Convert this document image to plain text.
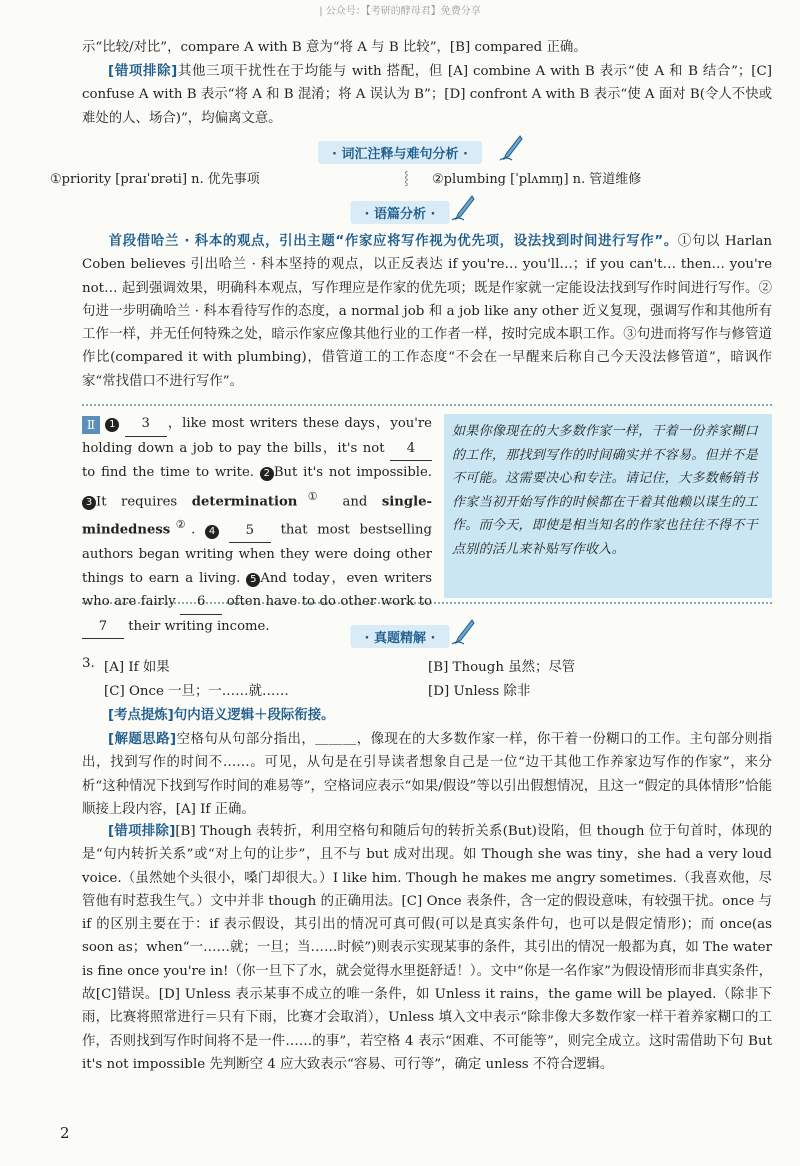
| 公众号：【考研的酵母君】免费分享
示“比较/对比”，compare A with B 意为“将 A 与 B 比较”，[B] compared 正确。
[错项排除]其他三项干扰性在于均能与 with 搭配，但 [A] combine A with B 表示“使 A 和 B 结合”；[C] confuse A with B 表示“将 A 和 B 混淆；将 A 误认为 B”；[D] confront A with B 表示“使 A 面对 B(令人不快或难处的人、场合)”，均偏离文意。
· 词汇注释与难句分析 ·
①priority [praɪˈɒrəti] n. 优先事项	⸾ ②plumbing [ˈplʌmɪŋ] n. 管道维修
· 语篇分析 ·
首段借哈兰 · 科本的观点，引出主题“作家应将写作视为优先项，设法找到时间进行写作”。①句以 Harlan Coben believes 引出哈兰 · 科本坚持的观点，以正反表达 if you're… you'll…；if you can't… then… you're not… 起到强调效果，明确科本观点，写作理应是作家的优先项；既是作家就一定能设法找到写作时间进行写作。②句进一步明确哈兰 · 科本看待写作的态度，a normal job 和 a job like any other 近义复现，强调写作和其他所有工作一样，并无任何特殊之处，暗示作家应像其他行业的工作者一样，按时完成本职工作。③句进而将写作与修管道作比(compared it with plumbing)，借管道工的工作态度“不会在一早醒来后称自己今天没法修管道”，暗讽作家“常找借口不进行写作”。
Ⅱ 1 3 ，like most writers these days，you're holding down a job to pay the bills，it's not 4 to find the time to write. 2 But it's not impossible. 3 It requires determination① and single-mindedness②. 4 5 that most bestselling authors began writing when they were doing other things to earn a living. 5 And today，even writers who are fairly 6 often have to do other work to 7 their writing income.
如果你像现在的大多数作家一样，干着一份养家糊口的工作，那找到写作的时间确实并不容易。但并不是不可能。这需要决心和专注。请记住，大多数畅销书作家当初开始写作的时候都在干着其他赖以谋生的工作。而今天，即使是相当知名的作家也往往不得不干点别的活儿来补贴写作收入。
· 真题精解 ·
3. [A] If 如果	[B] Though 虽然；尽管
[C] Once 一旦；一……就……	[D] Unless 除非
[考点提炼]句内语义逻辑＋段际衔接。
[解题思路]空格句从句部分指出，＿＿＿，像现在的大多数作家一样，你干着一份糊口的工作。主句部分则指出，找到写作的时间不……。可见，从句是在引导读者想象自己是一位“边干其他工作养家边写作的作家”，来分析“这种情况下找到写作时间的难易等”，空格词应表示“如果/假设”等以引出假想情况，且这一“假定的具体情形”恰能顺接上段内容，[A] If 正确。
[错项排除][B] Though 表转折，利用空格句和随后句的转折关系(But)设陷，但 though 位于句首时，体现的是“句内转折关系”或“对上句的让步”，且不与 but 成对出现。如 Though she was tiny，she had a very loud voice.（虽然她个头很小，嗓门却很大。）I like him. Though he makes me angry sometimes.（我喜欢他，尽管他有时惹我生气。）文中并非 though 的正确用法。[C] Once 表条件，含一定的假设意味，有较强干扰。once 与 if 的区别主要在于：if 表示假设，其引出的情况可真可假(可以是真实条件句，也可以是假定情形)；而 once(as soon as；when“一……就；一旦；当……时候”)则表示实现某事的条件，其引出的情况一般都为真，如 The water is fine once you're in!（你一旦下了水，就会觉得水里挺舒适！）。文中“你是一名作家”为假设情形而非真实条件，故[C]错误。[D] Unless 表示某事不成立的唯一条件，如 Unless it rains，the game will be played.（除非下雨，比赛将照常进行＝只有下雨，比赛才会取消），Unless 填入文中表示“除非像大多数作家一样干着养家糊口的工作，否则找到写作时间将不是一件……的事”，若空格 4 表示“困难、不可能等”，则完全成立。这时需借助下句 But it's not impossible 先判断空 4 应大致表示“容易、可行等”，确定 unless 不符合逻辑。
2
